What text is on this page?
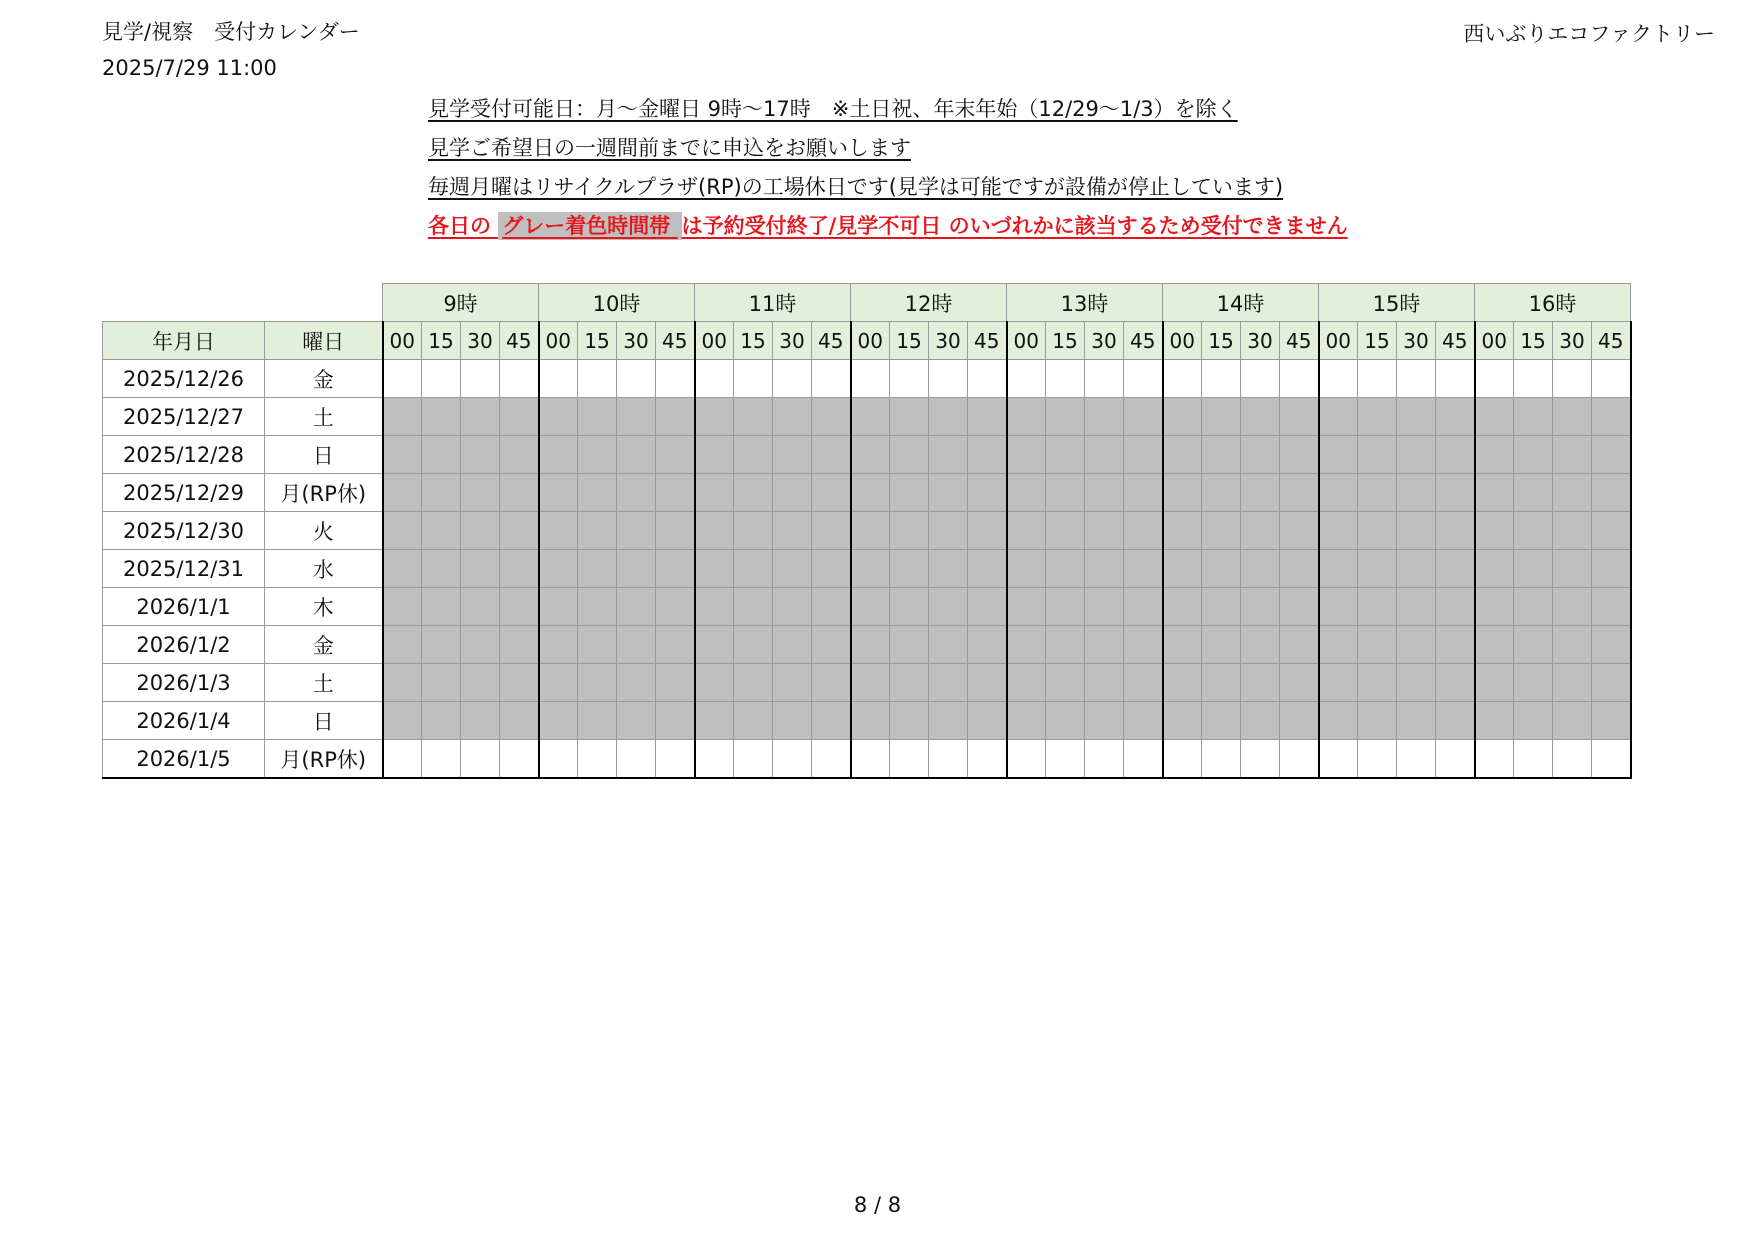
見学/視察　受付カレンダー
2025/7/29 11:00
西いぶりエコファクトリー
見学受付可能日：月～金曜日 9時～17時　※土日祝、年末年始（12/29～1/3）を除く
見学ご希望日の一週間前までに申込をお願いします
毎週月曜はリサイクルプラザ(RP)の工場休日です(見学は可能ですが設備が停止しています)
各日の グレー着色時間帯 は予約受付終了/見学不可日 のいづれかに該当するため受付できません
		9時				10時				11時				12時				13時				14時				15時				16時			
年月日	曜日	00	15	30	45	00	15	30	45	00	15	30	45	00	15	30	45	00	15	30	45	00	15	30	45	00	15	30	45	00	15	30	45
2025/12/26	金																																
2025/12/27	土																																
2025/12/28	日																																
2025/12/29	月(RP休)																																
2025/12/30	火																																
2025/12/31	水																																
2026/1/1	木																																
2026/1/2	金																																
2026/1/3	土																																
2026/1/4	日																																
2026/1/5	月(RP休)																																
8 / 8
